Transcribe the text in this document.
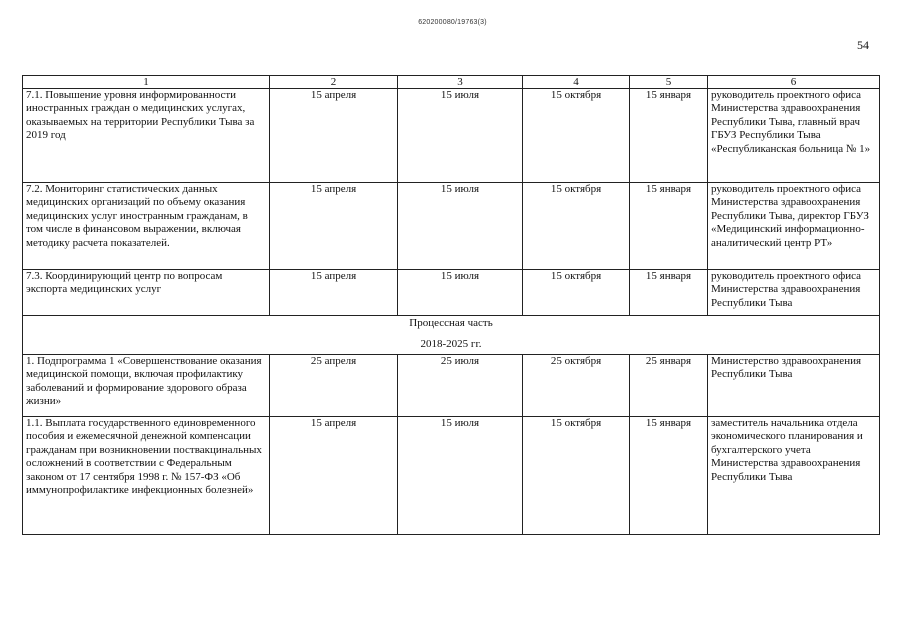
620200080/19763(3)
54
1	2	3	4	5	6

7.1. Повышение уровня информированности иностранных граждан о медицинских услугах, оказываемых на территории Республики Тыва за 2019 год	15 апреля	15 июля	15 октября	15 января	руководитель проектного офиса Министерства здравоохранения Республики Тыва, главный врач ГБУЗ Республики Тыва «Республиканская больница № 1»

7.2. Мониторинг статистических данных медицинских организаций по объему оказания медицинских услуг иностранным гражданам, в том числе в финансовом выражении, включая методику расчета показателей.	15 апреля	15 июля	15 октября	15 января	руководитель проектного офиса Министерства здравоохранения Республики Тыва, директор ГБУЗ «Медицинский информационно-аналитический центр РТ»

7.3. Координирующий центр по вопросам экспорта медицинских услуг	15 апреля	15 июля	15 октября	15 января	руководитель проектного офиса Министерства здравоохранения Республики Тыва

Процессная часть
2018-2025 гг.					

1. Подпрограмма 1 «Совершенствование оказания медицинской помощи, включая профилактику заболеваний и формирование здорового образа жизни»	25 апреля	25 июля	25 октября	25 января	Министерство здравоохранения Республики Тыва

1.1. Выплата государственного единовременного пособия и ежемесячной денежной компенсации гражданам при возникновении поствакцинальных осложнений в соответствии с Федеральным законом от 17 сентября 1998 г. № 157-ФЗ «Об иммунопрофилактике инфекционных болезней»	15 апреля	15 июля	15 октября	15 января	заместитель начальника отдела экономического планирования и бухгалтерского учета Министерства здравоохранения Республики Тыва
